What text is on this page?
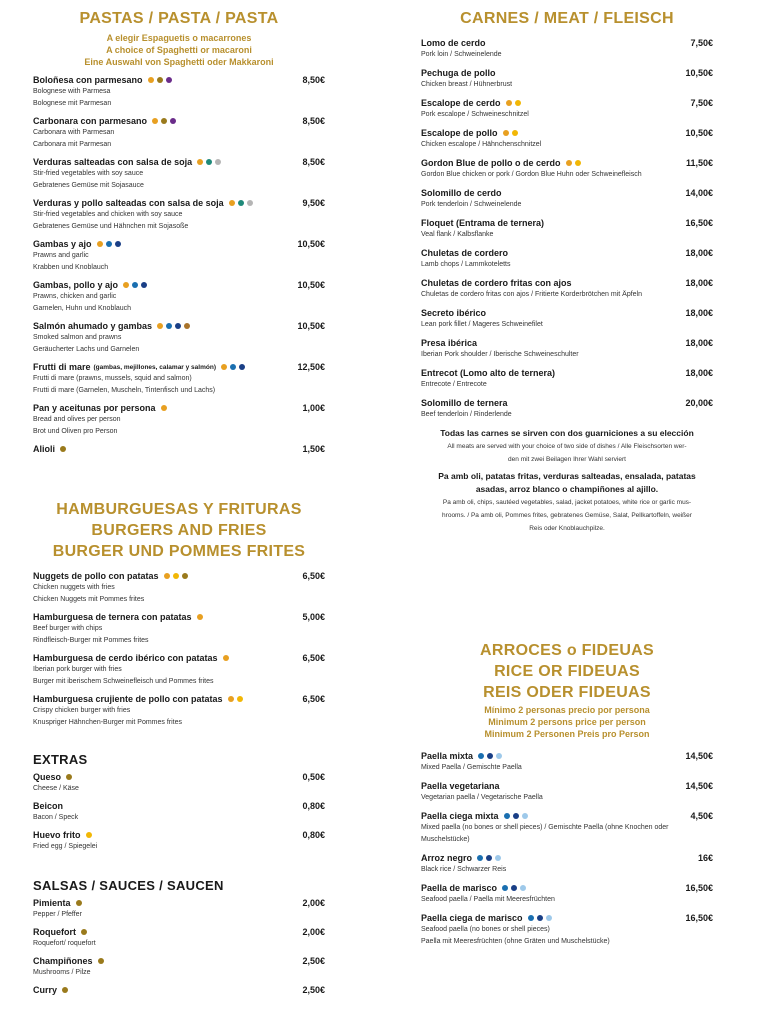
PASTAS / PASTA / PASTA
A elegir Espaguetis o macarrones
A choice of Spaghetti or macaroni
Eine Auswahl von Spaghetti oder Makkaroni
Boloñesa con parmesano	8,50€
Bolognese with Parmesa
Bolognese mit Parmesan
Carbonara con parmesano	8,50€
Carbonara with Parmesan
Carbonara mit Parmesan
Verduras salteadas con salsa de soja	8,50€
Stir-fried vegetables with soy sauce
Gebratenes Gemüse mit Sojasauce
Verduras y pollo salteadas con salsa de soja	9,50€
Stir-fried vegetables and chicken with soy sauce
Gebratenes Gemüse und Hähnchen mit Sojasoße
Gambas y ajo	10,50€
Prawns and garlic
Krabben und Knoblauch
Gambas, pollo y ajo	10,50€
Prawns, chicken and garlic
Garnelen, Huhn und Knoblauch
Salmón ahumado y gambas	10,50€
Smoked salmon and prawns
Geräucherter Lachs und Garnelen
Frutti di mare (gambas, mejillones, calamar y salmón)	12,50€
Frutti di mare (prawns, mussels, squid and salmon)
Frutti di mare (Garnelen, Muscheln, Tintenfisch und Lachs)
Pan y aceitunas por persona	1,00€
Bread and olives per person
Brot und Oliven pro Person
Alioli	1,50€
HAMBURGUESAS Y FRITURAS
BURGERS AND FRIES
BURGER UND POMMES FRITES
Nuggets de pollo con patatas	6,50€
Chicken nuggets with fries
Chicken Nuggets mit Pommes frites
Hamburguesa de ternera con patatas	5,00€
Beef burger with chips
Rindfleisch-Burger mit Pommes frites
Hamburguesa de cerdo ibérico con patatas	6,50€
Iberian pork burger with fries
Burger mit iberischem Schweinefleisch und Pommes frites
Hamburguesa crujiente de pollo con patatas	6,50€
Crispy chicken burger with fries
Knuspriger Hähnchen-Burger mit Pommes frites
EXTRAS
Queso	0,50€
Cheese / Käse
Beicon	0,80€
Bacon / Speck
Huevo frito	0,80€
Fried egg / Spiegelei
SALSAS / SAUCES / SAUCEN
Pimienta	2,00€
Pepper / Pfeffer
Roquefort	2,00€
Roquefort/ roquefort
Champiñones	2,50€
Mushrooms / Pilze
Curry	2,50€
CARNES / MEAT / FLEISCH
Lomo de cerdo	7,50€
Pork loin / Schweinelende
Pechuga de pollo	10,50€
Chicken breast / Hühnerbrust
Escalope de cerdo	7,50€
Pork escalope / Schweineschnitzel
Escalope de pollo	10,50€
Chicken escalope / Hähnchenschnitzel
Gordon Blue de pollo o de cerdo	11,50€
Gordon Blue chicken or pork / Gordon Blue Huhn oder Schweinefleisch
Solomillo de cerdo	14,00€
Pork tenderloin / Schweinelende
Floquet (Entrama de ternera)	16,50€
Veal flank / Kalbsflanke
Chuletas de cordero	18,00€
Lamb chops / Lammkoteletts
Chuletas de cordero fritas con ajos	18,00€
Chuletas de cordero fritas con ajos / Fritierte Korderbrötchen mit Äpfeln
Secreto ibérico	18,00€
Lean pork fillet / Mageres Schweinefilet
Presa ibérica	18,00€
Iberian Pork shoulder / Iberische Schweineschulter
Entrecot (Lomo alto de ternera)	18,00€
Entrecote / Entrecote
Solomillo de ternera	20,00€
Beef tenderloin / Rinderlende
Todas las carnes se sirven con dos guarniciones a su elección
All meats are served with your choice of two side of dishes / Alle Fleischsorten wer-
den mit zwei Beilagen Ihrer Wahl serviert
Pa amb oli, patatas fritas, verduras salteadas, ensalada, patatas
asadas, arroz blanco o champiñones al ajillo.
Pa amb oli, chips, sautéed vegetables, salad, jacket potatoes, white rice or garlic mus-
hrooms. / Pa amb oli, Pommes frites, gebratenes Gemüse, Salat, Pellkartoffeln, weißer
Reis oder Knoblauchpilze.
ARROCES o FIDEUAS
RICE OR FIDEUAS
REIS ODER FIDEUAS
Mínimo 2 personas precio por persona
Minimum 2 persons price per person
Minimum 2 Personen Preis pro Person
Paella mixta	14,50€
Mixed Paella / Gemischte Paella
Paella vegetariana	14,50€
Vegetarian paella / Vegetarische Paella
Paella ciega mixta	4,50€
Mixed paella (no bones or shell pieces) / Gemischte Paella (ohne Knochen oder
Muschelstücke)
Arroz negro	16€
Black rice / Schwarzer Reis
Paella de marisco	16,50€
Seafood paella / Paella mit Meeresfrüchten
Paella ciega de marisco	16,50€
Seafood paella (no bones or shell pieces)
Paella mit Meeresfrüchten (ohne Gräten und Muschelstücke)
